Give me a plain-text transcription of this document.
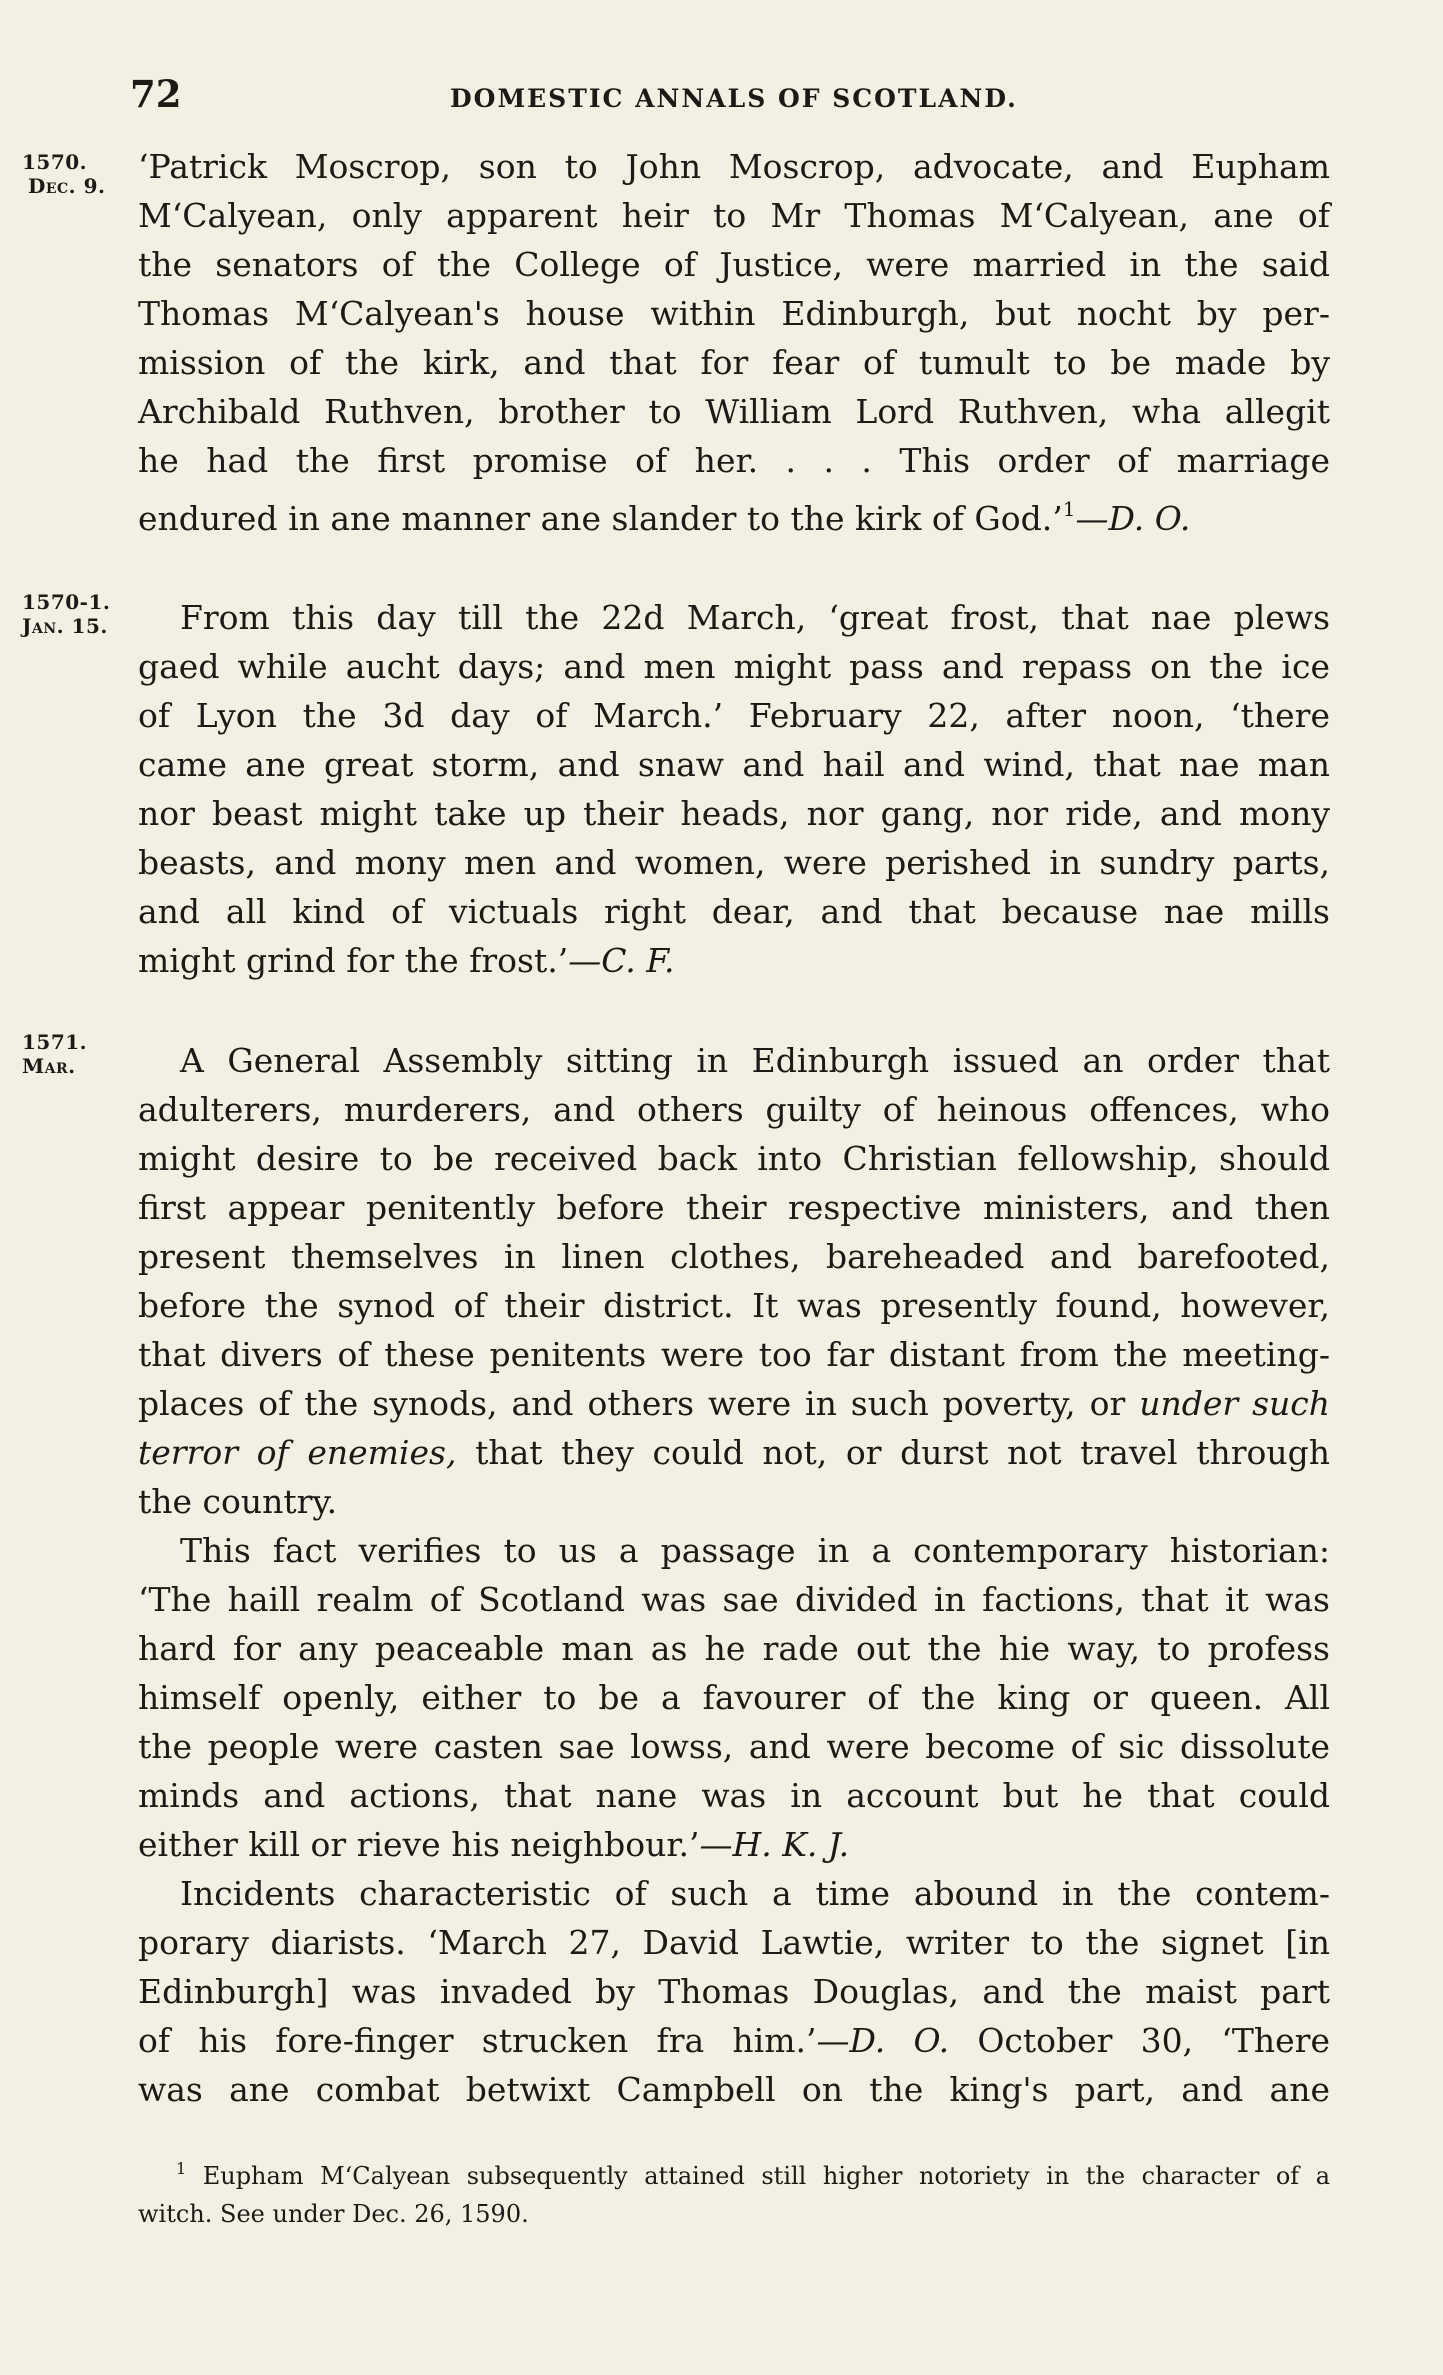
72	DOMESTIC ANNALS OF SCOTLAND.
1570.
Dec. 9. ‘Patrick Moscrop, son to John Moscrop, advocate, and Eupham
M‘Calyean, only apparent heir to Mr Thomas M‘Calyean, ane of
the senators of the College of Justice, were married in the said
Thomas M‘Calyean's house within Edinburgh, but nocht by per-
mission of the kirk, and that for fear of tumult to be made by
Archibald Ruthven, brother to William Lord Ruthven, wha allegit
he had the first promise of her. . . . This order of marriage
endured in ane manner ane slander to the kirk of God.’$^1$—D. O.
1570-1.
Jan. 15.	From this day till the 22d March, ‘great frost, that nae plews
gaed while aucht days; and men might pass and repass on the ice
of Lyon the 3d day of March.’ February 22, after noon, ‘there
came ane great storm, and snaw and hail and wind, that nae man
nor beast might take up their heads, nor gang, nor ride, and mony
beasts, and mony men and women, were perished in sundry parts,
and all kind of victuals right dear, and that because nae mills
might grind for the frost.’—C. F.
1571.
Mar.	A General Assembly sitting in Edinburgh issued an order that
adulterers, murderers, and others guilty of heinous offences, who
might desire to be received back into Christian fellowship, should
first appear penitently before their respective ministers, and then
present themselves in linen clothes, bareheaded and barefooted,
before the synod of their district. It was presently found, however,
that divers of these penitents were too far distant from the meeting-
places of the synods, and others were in such poverty, or under such
terror of enemies, that they could not, or durst not travel through
the country.
This fact verifies to us a passage in a contemporary historian:
‘The haill realm of Scotland was sae divided in factions, that it was
hard for any peaceable man as he rade out the hie way, to profess
himself openly, either to be a favourer of the king or queen. All
the people were casten sae lowss, and were become of sic dissolute
minds and actions, that nane was in account but he that could
either kill or rieve his neighbour.’—H. K. J.
Incidents characteristic of such a time abound in the contem-
porary diarists. ‘March 27, David Lawtie, writer to the signet [in
Edinburgh] was invaded by Thomas Douglas, and the maist part
of his fore-finger strucken fra him.’—D. O. October 30, ‘There
was ane combat betwixt Campbell on the king's part, and ane
$^1$ Eupham M‘Calyean subsequently attained still higher notoriety in the character of a
witch. See under Dec. 26, 1590.
